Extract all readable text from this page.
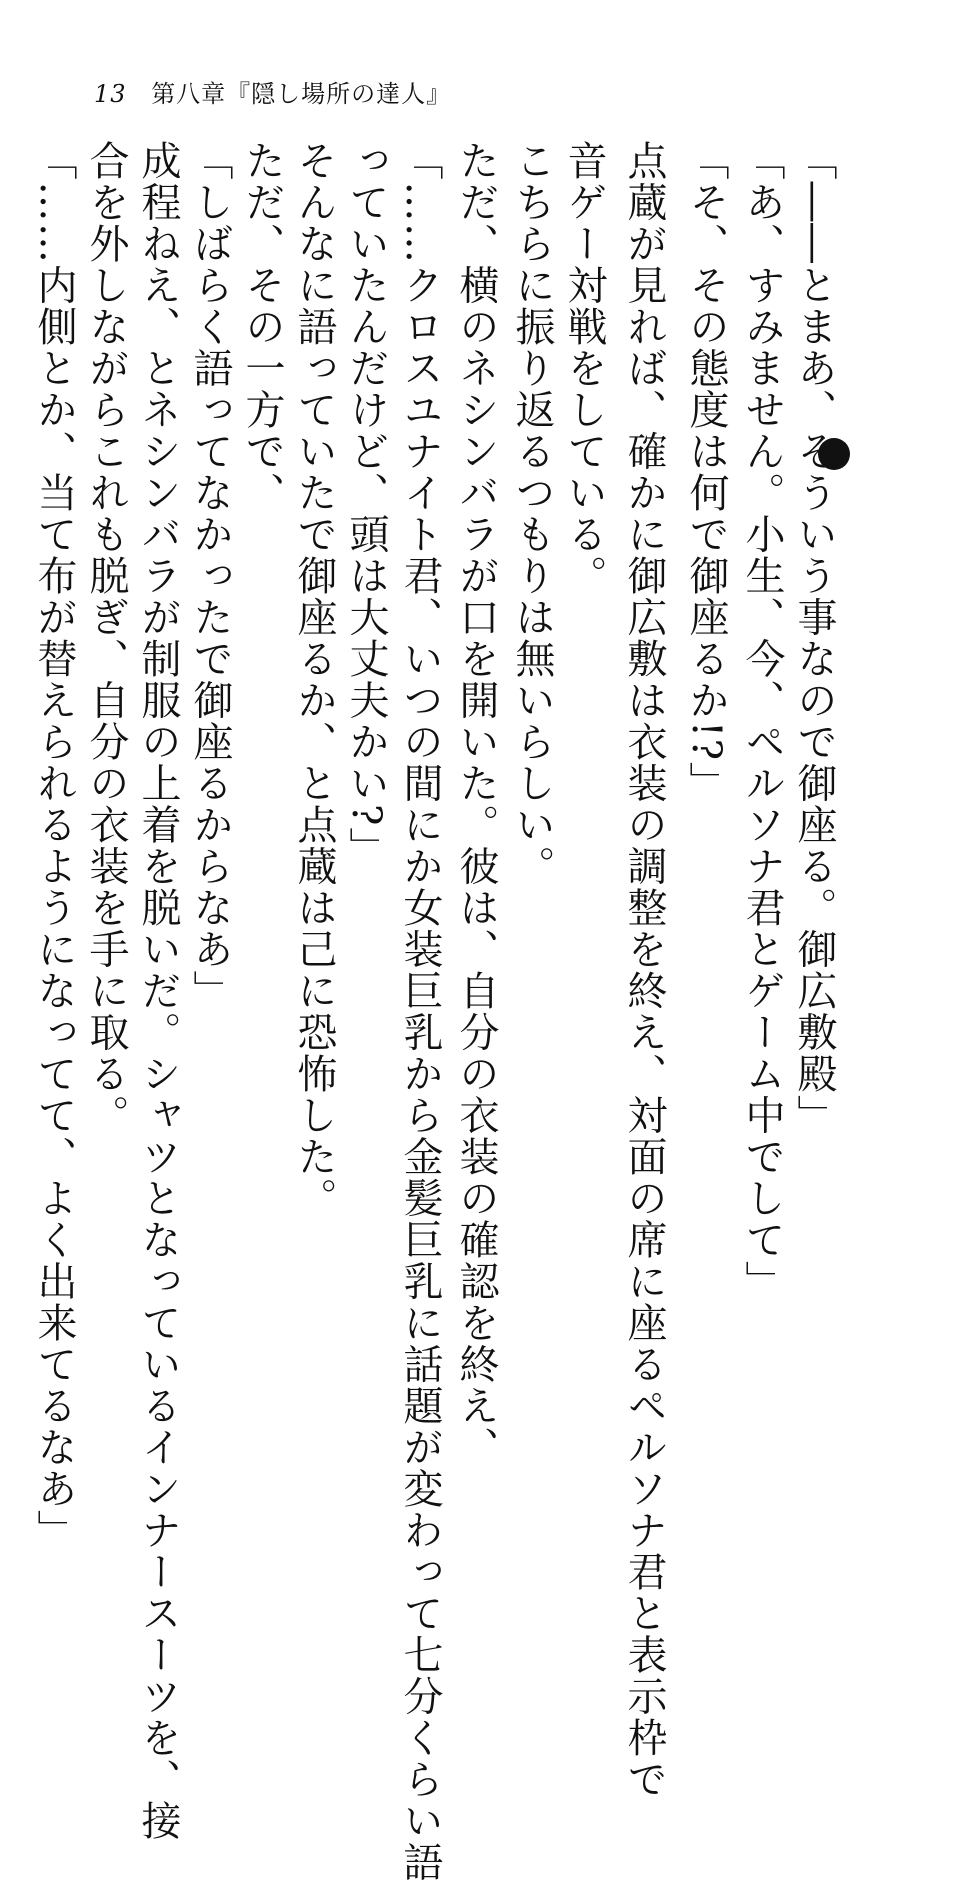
13 第八章『隠し場所の達人』
「――とまあ、そういう事なので御座る。御広敷殿」
「あ、すみません。小生、今、ペルソナ君とゲーム中でして」
「そ、その態度は何で御座るか!?」
点蔵が見れば、確かに御広敷は衣装の調整を終え、対面の席に座るペルソナ君と表示枠で
音ゲー対戦をしている。
こちらに振り返るつもりは無いらしい。
ただ、横のネシンバラが口を開いた。彼は、自分の衣装の確認を終え、
「……クロスユナイト君、いつの間にか女装巨乳から金髪巨乳に話題が変わって七分くらい語
っていたんだけど、頭は大丈夫かい?」
そんなに語っていたで御座るか、と点蔵は己に恐怖した。
ただ、その一方で、
「しばらく語ってなかったで御座るからなあ」
成程ねえ、とネシンバラが制服の上着を脱いだ。シャツとなっているインナースーツを、接
合を外しながらこれも脱ぎ、自分の衣装を手に取る。
「……内側とか、当て布が替えられるようになってて、よく出来てるなあ」
